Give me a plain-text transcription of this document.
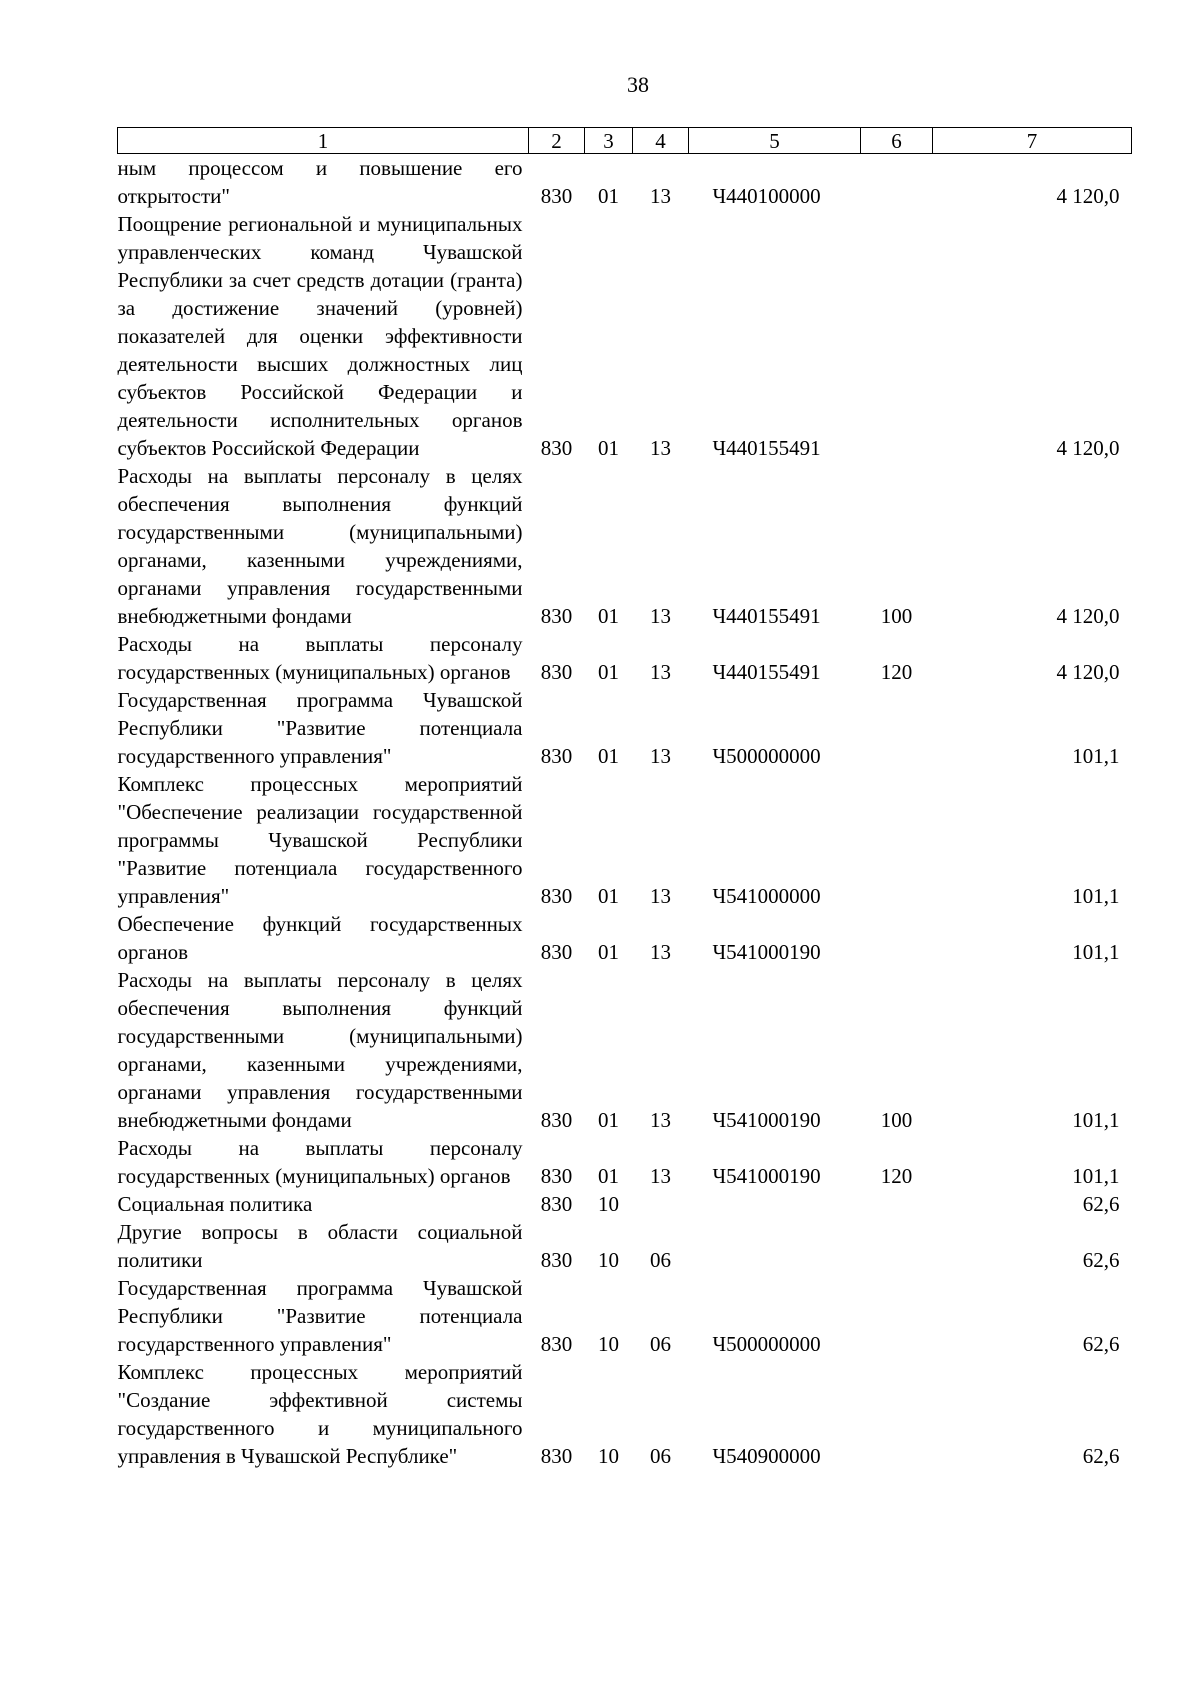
38
1	2	3	4	5	6	7
ным процессом и повышение его открытости"	830	01	13	Ч440100000		4 120,0
Поощрение региональной и муниципальных управленческих команд Чувашской Республики за счет средств дотации (гранта) за достижение значений (уровней) показателей для оценки эффективности деятельности высших должностных лиц субъектов Российской Федерации и деятельности исполнительных органов субъектов Российской Федерации	830	01	13	Ч440155491		4 120,0
Расходы на выплаты персоналу в целях обеспечения выполнения функций государственными (муниципальными) органами, казенными учреждениями, органами управления государственными внебюджетными фондами	830	01	13	Ч440155491	100	4 120,0
Расходы на выплаты персоналу государственных (муниципальных) органов	830	01	13	Ч440155491	120	4 120,0
Государственная программа Чувашской Республики "Развитие потенциала государственного управления"	830	01	13	Ч500000000		101,1
Комплекс процессных мероприятий "Обеспечение реализации государственной программы Чувашской Республики "Развитие потенциала государственного управления"	830	01	13	Ч541000000		101,1
Обеспечение функций государственных органов	830	01	13	Ч541000190		101,1
Расходы на выплаты персоналу в целях обеспечения выполнения функций государственными (муниципальными) органами, казенными учреждениями, органами управления государственными внебюджетными фондами	830	01	13	Ч541000190	100	101,1
Расходы на выплаты персоналу государственных (муниципальных) органов	830	01	13	Ч541000190	120	101,1
Социальная политика	830	10				62,6
Другие вопросы в области социальной политики	830	10	06			62,6
Государственная программа Чувашской Республики "Развитие потенциала государственного управления"	830	10	06	Ч500000000		62,6
Комплекс процессных мероприятий "Создание эффективной системы государственного и муниципального управления в Чувашской Республике"	830	10	06	Ч540900000		62,6
